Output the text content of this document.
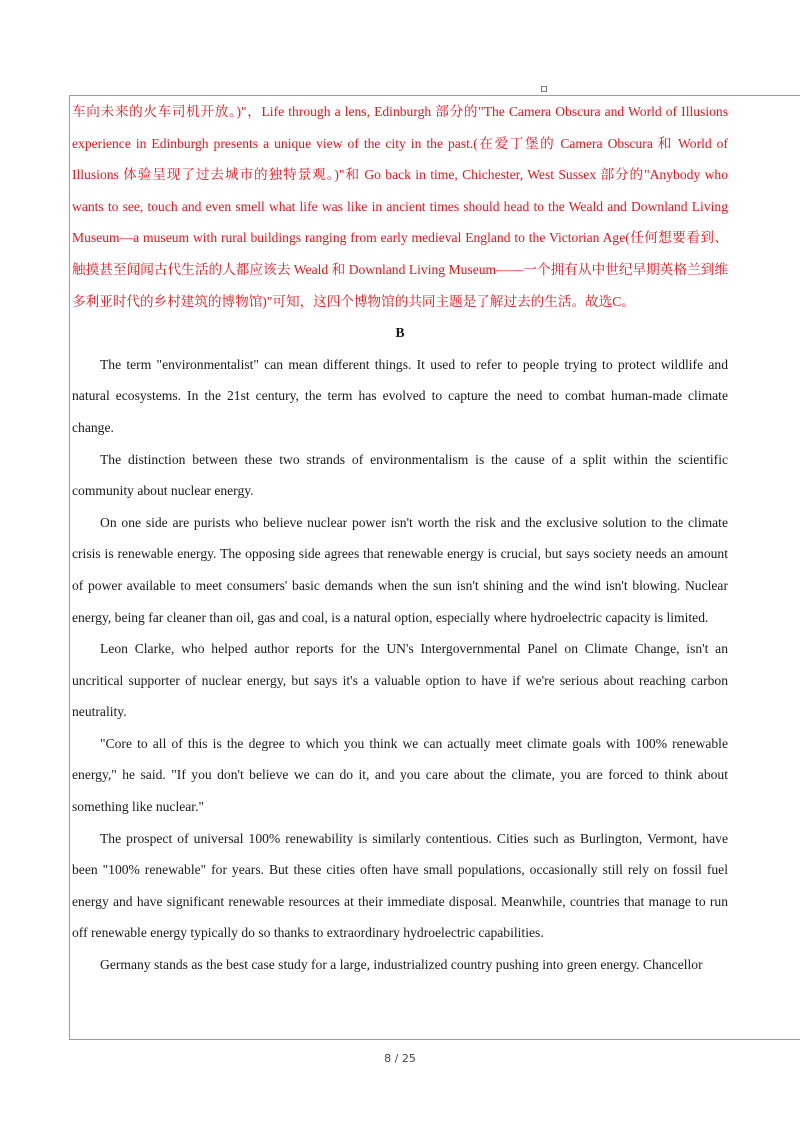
车向未来的火车司机开放。)"，Life through a lens, Edinburgh 部分的"The Camera Obscura and World of Illusions experience in Edinburgh presents a unique view of the city in the past.(在爱丁堡的 Camera Obscura 和 World of Illusions 体验呈现了过去城市的独特景观。)"和 Go back in time, Chichester, West Sussex 部分的"Anybody who wants to see, touch and even smell what life was like in ancient times should head to the Weald and Downland Living Museum—a museum with rural buildings ranging from early medieval England to the Victorian Age(任何想要看到、触摸甚至闻闻古代生活的人都应该去 Weald 和 Downland Living Museum——一个拥有从中世纪早期英格兰到维多利亚时代的乡村建筑的博物馆)"可知，这四个博物馆的共同主题是了解过去的生活。故选C。

B

The term "environmentalist" can mean different things. It used to refer to people trying to protect wildlife and natural ecosystems. In the 21st century, the term has evolved to capture the need to combat human-made climate change.

The distinction between these two strands of environmentalism is the cause of a split within the scientific community about nuclear energy.

On one side are purists who believe nuclear power isn't worth the risk and the exclusive solution to the climate crisis is renewable energy. The opposing side agrees that renewable energy is crucial, but says society needs an amount of power available to meet consumers' basic demands when the sun isn't shining and the wind isn't blowing. Nuclear energy, being far cleaner than oil, gas and coal, is a natural option, especially where hydroelectric capacity is limited.

Leon Clarke, who helped author reports for the UN's Intergovernmental Panel on Climate Change, isn't an uncritical supporter of nuclear energy, but says it's a valuable option to have if we're serious about reaching carbon neutrality.

"Core to all of this is the degree to which you think we can actually meet climate goals with 100% renewable energy," he said. "If you don't believe we can do it, and you care about the climate, you are forced to think about something like nuclear."

The prospect of universal 100% renewability is similarly contentious. Cities such as Burlington, Vermont, have been "100% renewable" for years. But these cities often have small populations, occasionally still rely on fossil fuel energy and have significant renewable resources at their immediate disposal. Meanwhile, countries that manage to run off renewable energy typically do so thanks to extraordinary hydroelectric capabilities.

Germany stands as the best case study for a large, industrialized country pushing into green energy. Chancellor

8 / 25
